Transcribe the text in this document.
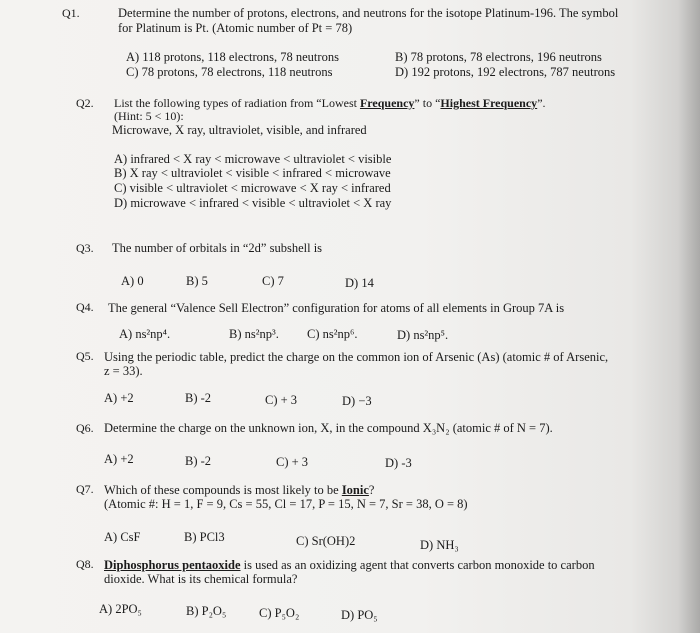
Q1.	Determine the number of protons, electrons, and neutrons for the isotope Platinum-196. The symbol
for Platinum is Pt. (Atomic number of Pt = 78)
A) 118 protons, 118 electrons, 78 neutrons	B) 78 protons, 78 electrons, 196 neutrons
C) 78 protons, 78 electrons, 118 neutrons	D) 192 protons, 192 electrons, 787 neutrons
Q2. List the following types of radiation from “Lowest Frequency” to “Highest Frequency”.
(Hint: 5 < 10):
Microwave, X ray, ultraviolet, visible, and infrared
A) infrared < X ray < microwave < ultraviolet < visible
B) X ray < ultraviolet < visible < infrared < microwave
C) visible < ultraviolet < microwave < X ray < infrared
D) microwave < infrared < visible < ultraviolet < X ray
Q3. The number of orbitals in “2d” subshell is
A) 0	B) 5	C) 7	D) 14
Q4. The general “Valence Sell Electron” configuration for atoms of all elements in Group 7A is
A) ns²np⁴.	B) ns²np³. C) ns²np⁶.	D) ns²np⁵.
Q5. Using the periodic table, predict the charge on the common ion of Arsenic (As) (atomic # of Arsenic,
z = 33).
A) +2	B) -2	C) + 3	D) −3
Q6. Determine the charge on the unknown ion, X, in the compound X₃N₂ (atomic # of N = 7).
A) +2	B) -2	C) + 3	D) -3
Q7. Which of these compounds is most likely to be Ionic?
(Atomic #: H = 1, F = 9, Cs = 55, Cl = 17, P = 15, N = 7, Sr = 38, O = 8)
A) CsF	B) PCl3	C) Sr(OH)2	D) NH₃
Q8. Diphosphorus pentaoxide is used as an oxidizing agent that converts carbon monoxide to carbon
dioxide. What is its chemical formula?
A) 2PO₅	B) P₂O₅	C) P₅O₂	D) PO₅
